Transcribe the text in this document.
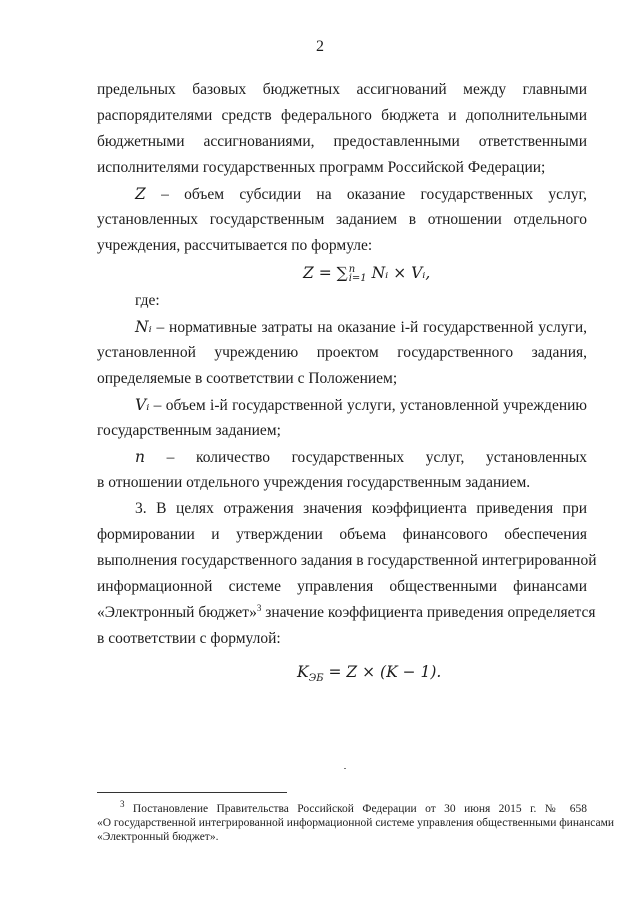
2
предельных базовых бюджетных ассигнований между главными
распорядителями средств федерального бюджета и дополнительными
бюджетными ассигнованиями, предоставленными ответственными
исполнителями государственных программ Российской Федерации;
Z – объем субсидии на оказание государственных услуг,
установленных государственным заданием в отношении отдельного
учреждения, рассчитывается по формуле:
Z = ∑ n
i=1 Nᵢ × Vᵢ,
где:
Nᵢ – нормативные затраты на оказание i-й государственной услуги,
установленной учреждению проектом государственного задания,
определяемые в соответствии с Положением;
Vᵢ – объем i-й государственной услуги, установленной учреждению
государственным заданием;
n – количество государственных услуг, установленных
в отношении отдельного учреждения государственным заданием.
3. В целях отражения значения коэффициента приведения при
формировании и утверждении объема финансового обеспечения
выполнения государственного задания в государственной интегрированной
информационной системе управления общественными финансами
«Электронный бюджет»$^3$ значение коэффициента приведения определяется
в соответствии с формулой:
$K_{ЭБ} = Z \times (K - 1)$.
$^3$ Постановление Правительства Российской Федерации от 30 июня 2015 г. № 658
«О государственной интегрированной информационной системе управления общественными финансами
«Электронный бюджет».
